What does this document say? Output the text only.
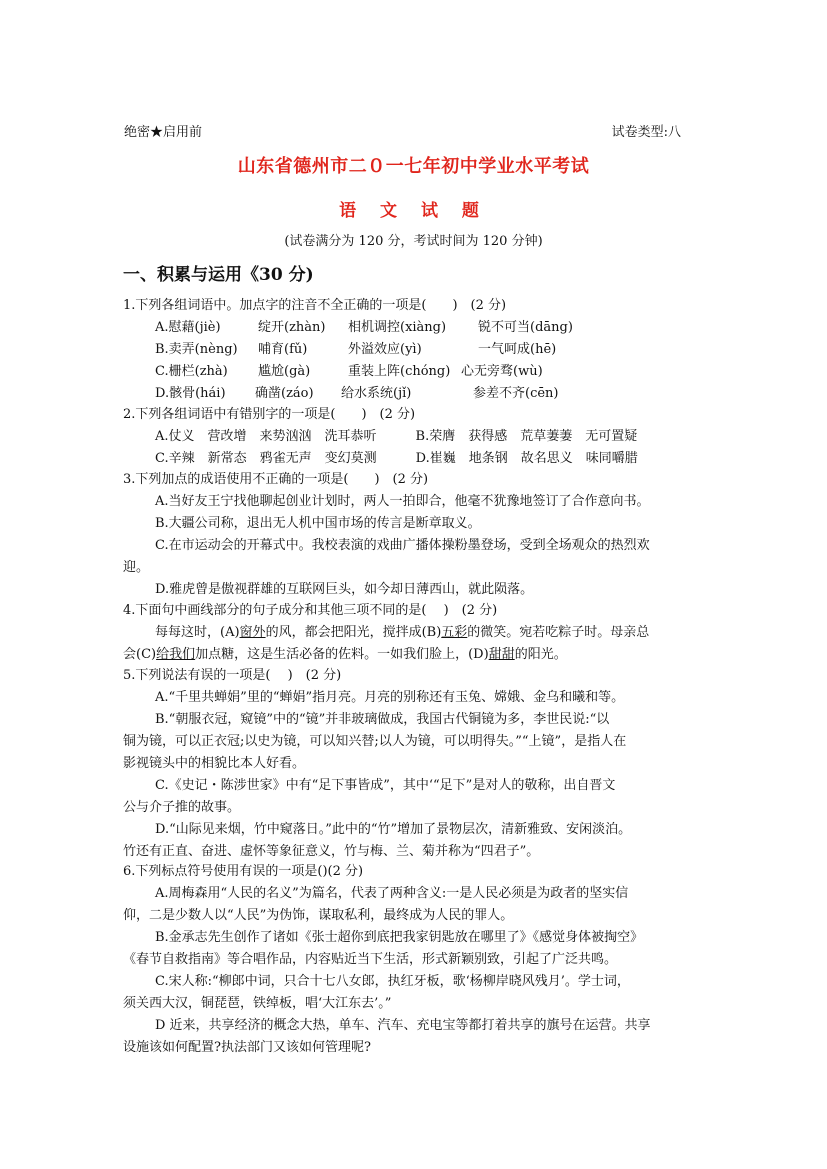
绝密★启用前	试卷类型:八
山东省德州市二０一七年初中学业水平考试
语 文 试 题
(试卷满分为 120 分，考试时间为 120 分钟)
一、积累与运用《30 分)
1.下列各组词语中。加点字的注音不全正确的一项是(　　)　(2 分)
A.慰藉(jiè)	绽开(zhàn) 相机调控(xiàng) 锐不可当(dāng)
B.卖弄(nèng) 哺育(fǔ)	外溢效应(yì)	一气呵成(hē)
C.栅栏(zhà) 尴尬(gà)	重装上阵(chóng) 心无旁骛(wù)
D.骸骨(hái) 确凿(záo) 给水系统(jǐ)	参差不齐(cēn)
2.下列各组词语中有错别字的一项是(　　)　(2 分)
A.仗义　营改增　来势汹汹　洗耳恭听　　　B.荣膺　获得感　荒草萋萋　无可置疑
C.辛辣　新常态　鸦雀无声　变幻莫测　　　D.崔巍　地条钢　故名思义　味同嚼腊
3.下列加点的成语使用不正确的一项是(　　)　(2 分)
A.当好友王宁找他聊起创业计划时，两人一拍即合，他毫不犹豫地签订了合作意向书。
B.大疆公司称，退出无人机中国市场的传言是断章取义。
C.在市运动会的开幕式中。我校表演的戏曲广播体操粉墨登场，受到全场观众的热烈欢
迎。
D.雅虎曾是傲视群雄的互联网巨头，如今却日薄西山，就此陨落。
4.下面句中画线部分的句子成分和其他三项不同的是(　 )　(2 分)
每每这时，(A)窗外的风，都会把阳光，搅拌成(B)五彩的微笑。宛若吃粽子时。母亲总
会(C)给我们加点糖，这是生活必备的佐料。一如我们脸上，(D)甜甜的阳光。
5.下列说法有误的一项是(　 )　(2 分)
A.“千里共蝉娟”里的“蝉娟”指月亮。月亮的别称还有玉兔、嫦娥、金乌和曦和等。
B.“朝服衣冠，窥镜”中的“镜”并非玻璃做成，我国古代铜镜为多，李世民说:“以
铜为镜，可以正衣冠;以史为镜，可以知兴替;以人为镜，可以明得失。”“上镜”，是指人在
影视镜头中的相貌比本人好看。
C.《史记・陈涉世家》中有“足下事皆成”，其中‘“足下”是对人的敬称，出自晋文
公与介子推的故事。
D.“山际见来烟，竹中窥落日。”此中的“竹”增加了景物层次，清新雅致、安闲淡泊。
竹还有正直、奋进、虚怀等象征意义，竹与梅、兰、菊并称为“四君子”。
6.下列标点符号使用有误的一项是()(2 分)
A.周梅森用“人民的名义”为篇名，代表了两种含义:一是人民必须是为政者的坚实信
仰，二是少数人以“人民”为伪饰，谋取私利，最终成为人民的罪人。
B.金承志先生创作了诸如《张士超你到底把我家钥匙放在哪里了》《感觉身体被掏空》
《春节自救指南》等合唱作品，内容贴近当下生活，形式新颖别致，引起了广泛共鸣。
C.宋人称:“柳郎中词，只合十七八女郎，执红牙板，歌‘杨柳岸晓风残月’。学士词，
须关西大汉，铜琵琶，铁绰板，唱‘大江东去’。”
D 近来，共享经济的概念大热，单车、汽车、充电宝等都打着共享的旗号在运营。共享
设施该如何配置?执法部门又该如何管理呢?
